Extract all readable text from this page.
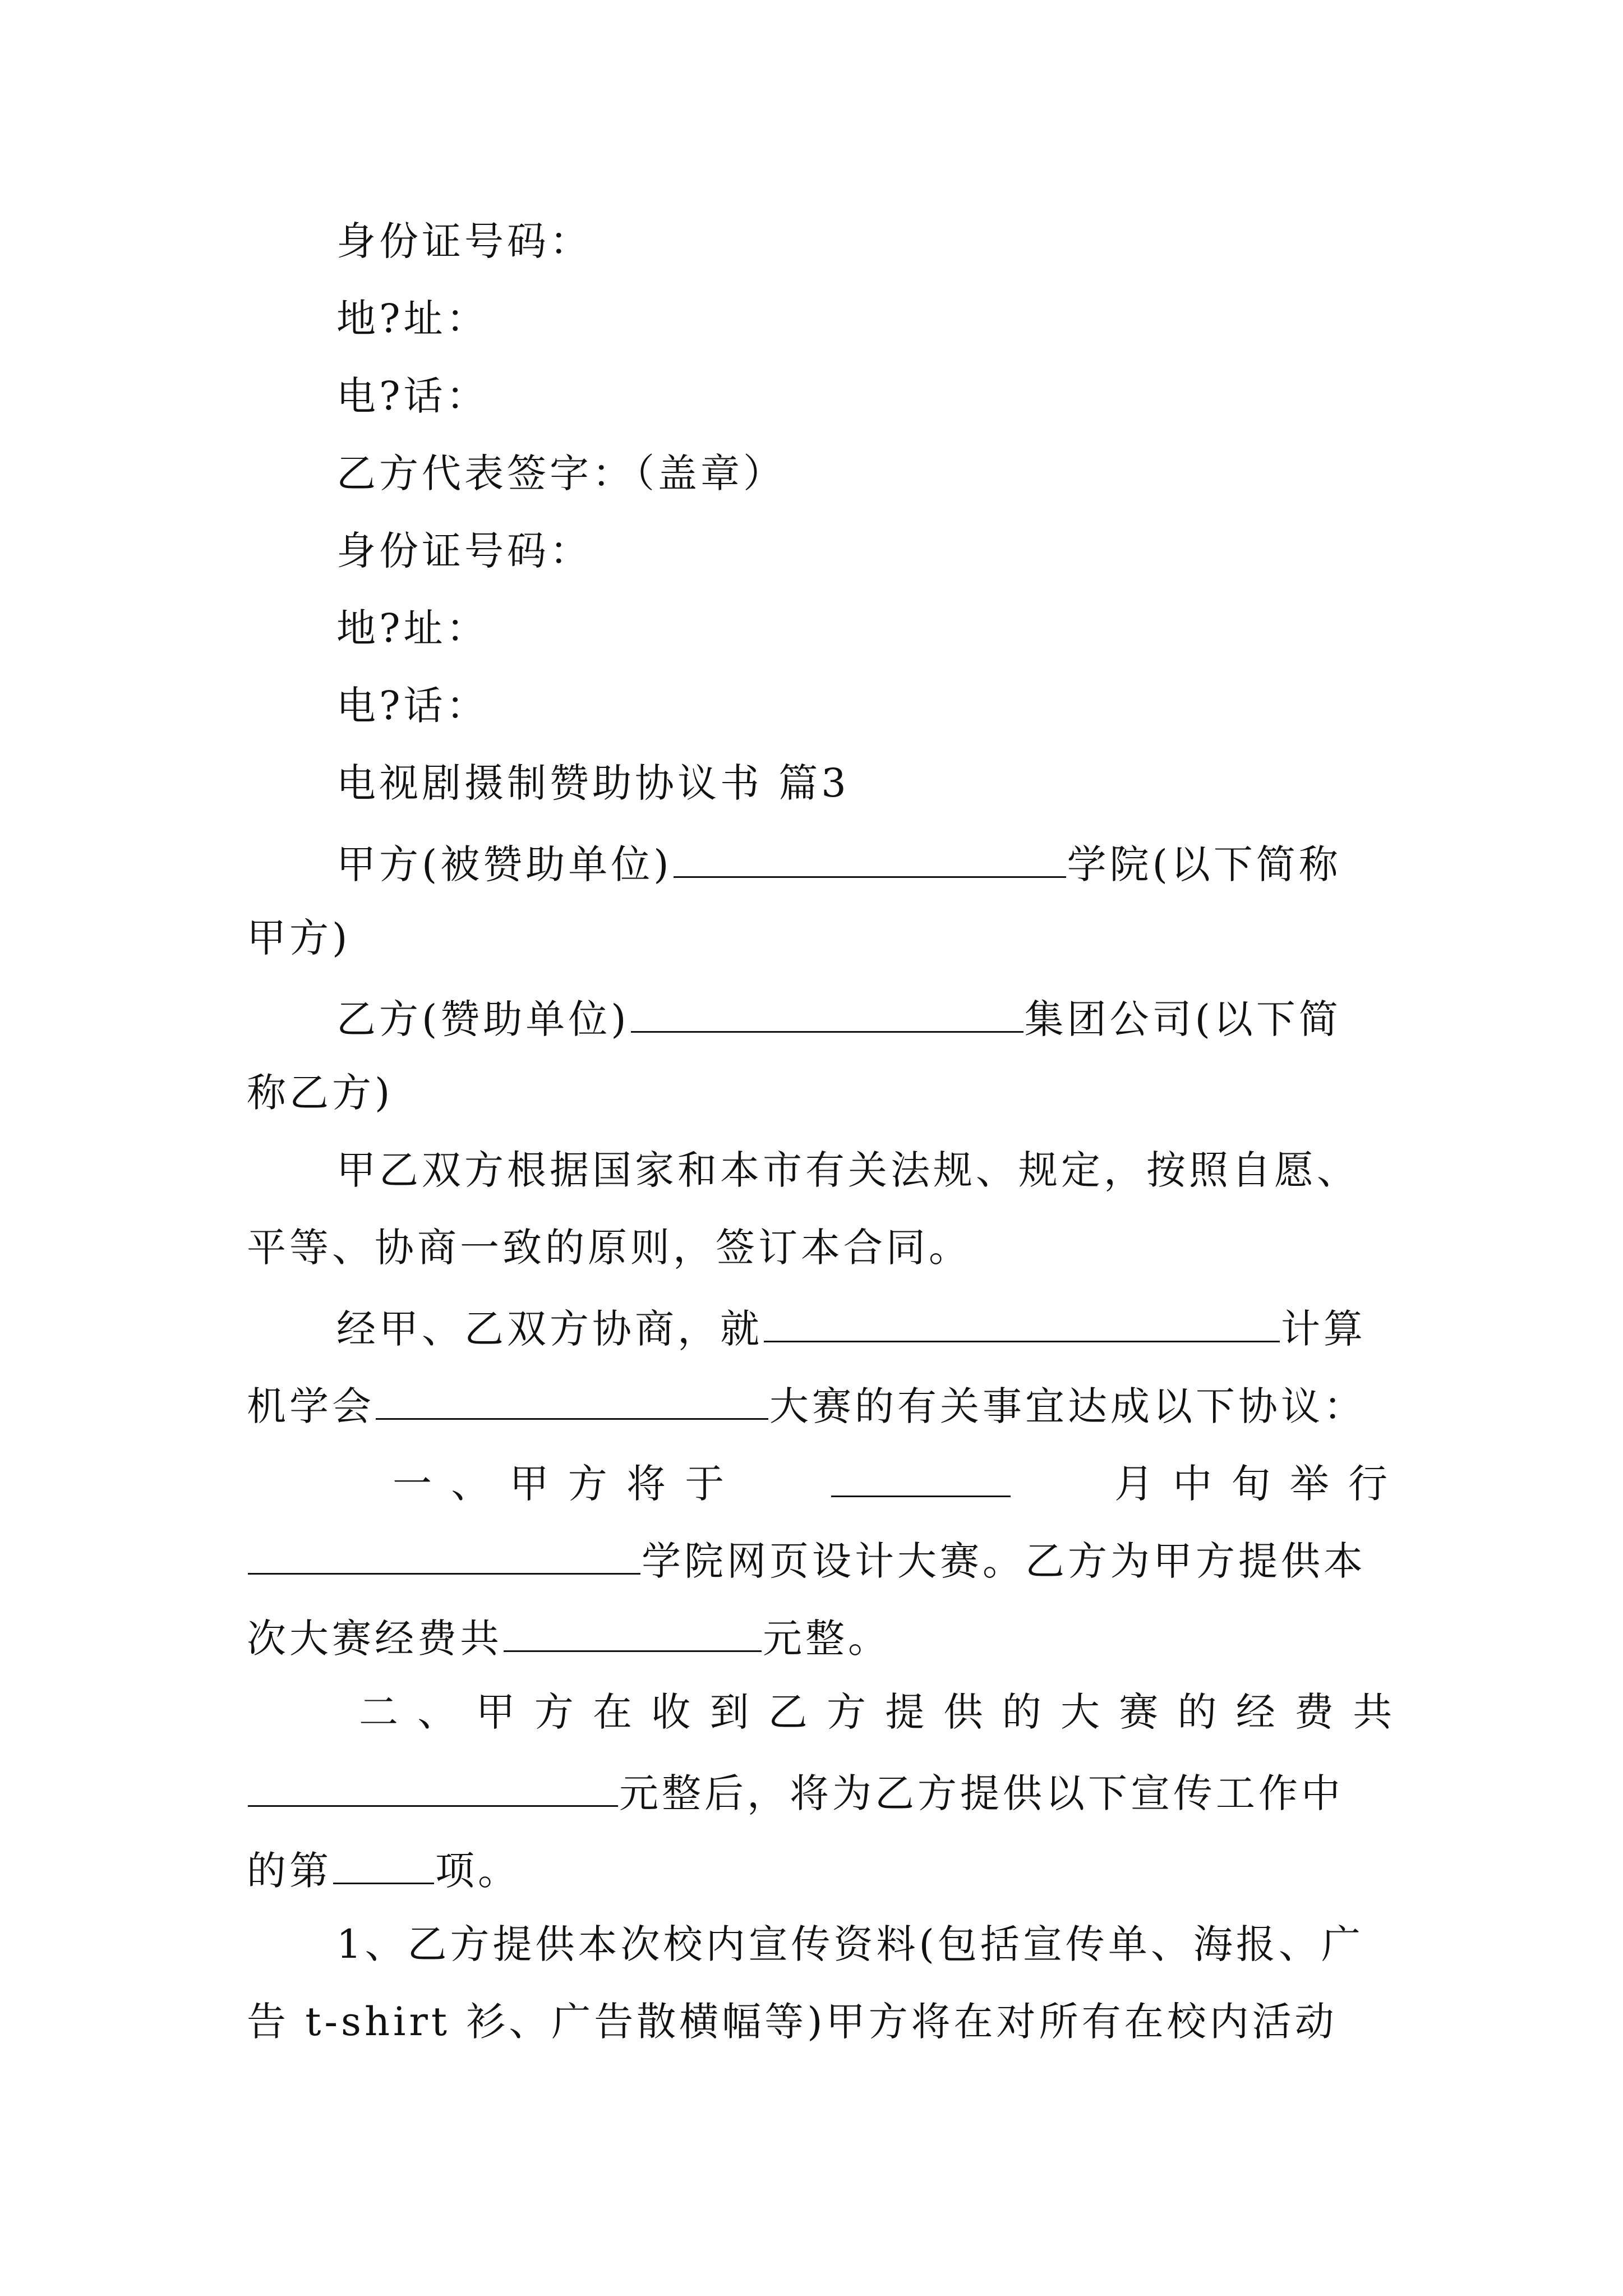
身份证号码：
地?址：
电?话：
乙方代表签字：（盖章）
身份证号码：
地?址：
电?话：
电视剧摄制赞助协议书 篇3
甲方(被赞助单位)	学院(以下简称
甲方)
乙方(赞助单位)	集团公司(以下简
称乙方)
甲乙双方根据国家和本市有关法规、规定，按照自愿、
平等、协商一致的原则，签订本合同。
经甲、乙双方协商，就	计算
机学会	大赛的有关事宜达成以下协议：
一 、 甲 方 将 于	月 中 旬 举 行
学院网页设计大赛。乙方为甲方提供本
次大赛经费共	元整。
二 、 甲 方 在 收 到 乙 方 提 供 的 大 赛 的 经 费 共
元整后，将为乙方提供以下宣传工作中
的第	项。
1、乙方提供本次校内宣传资料(包括宣传单、海报、广
告 t-shirt 衫、广告散横幅等)甲方将在对所有在校内活动
